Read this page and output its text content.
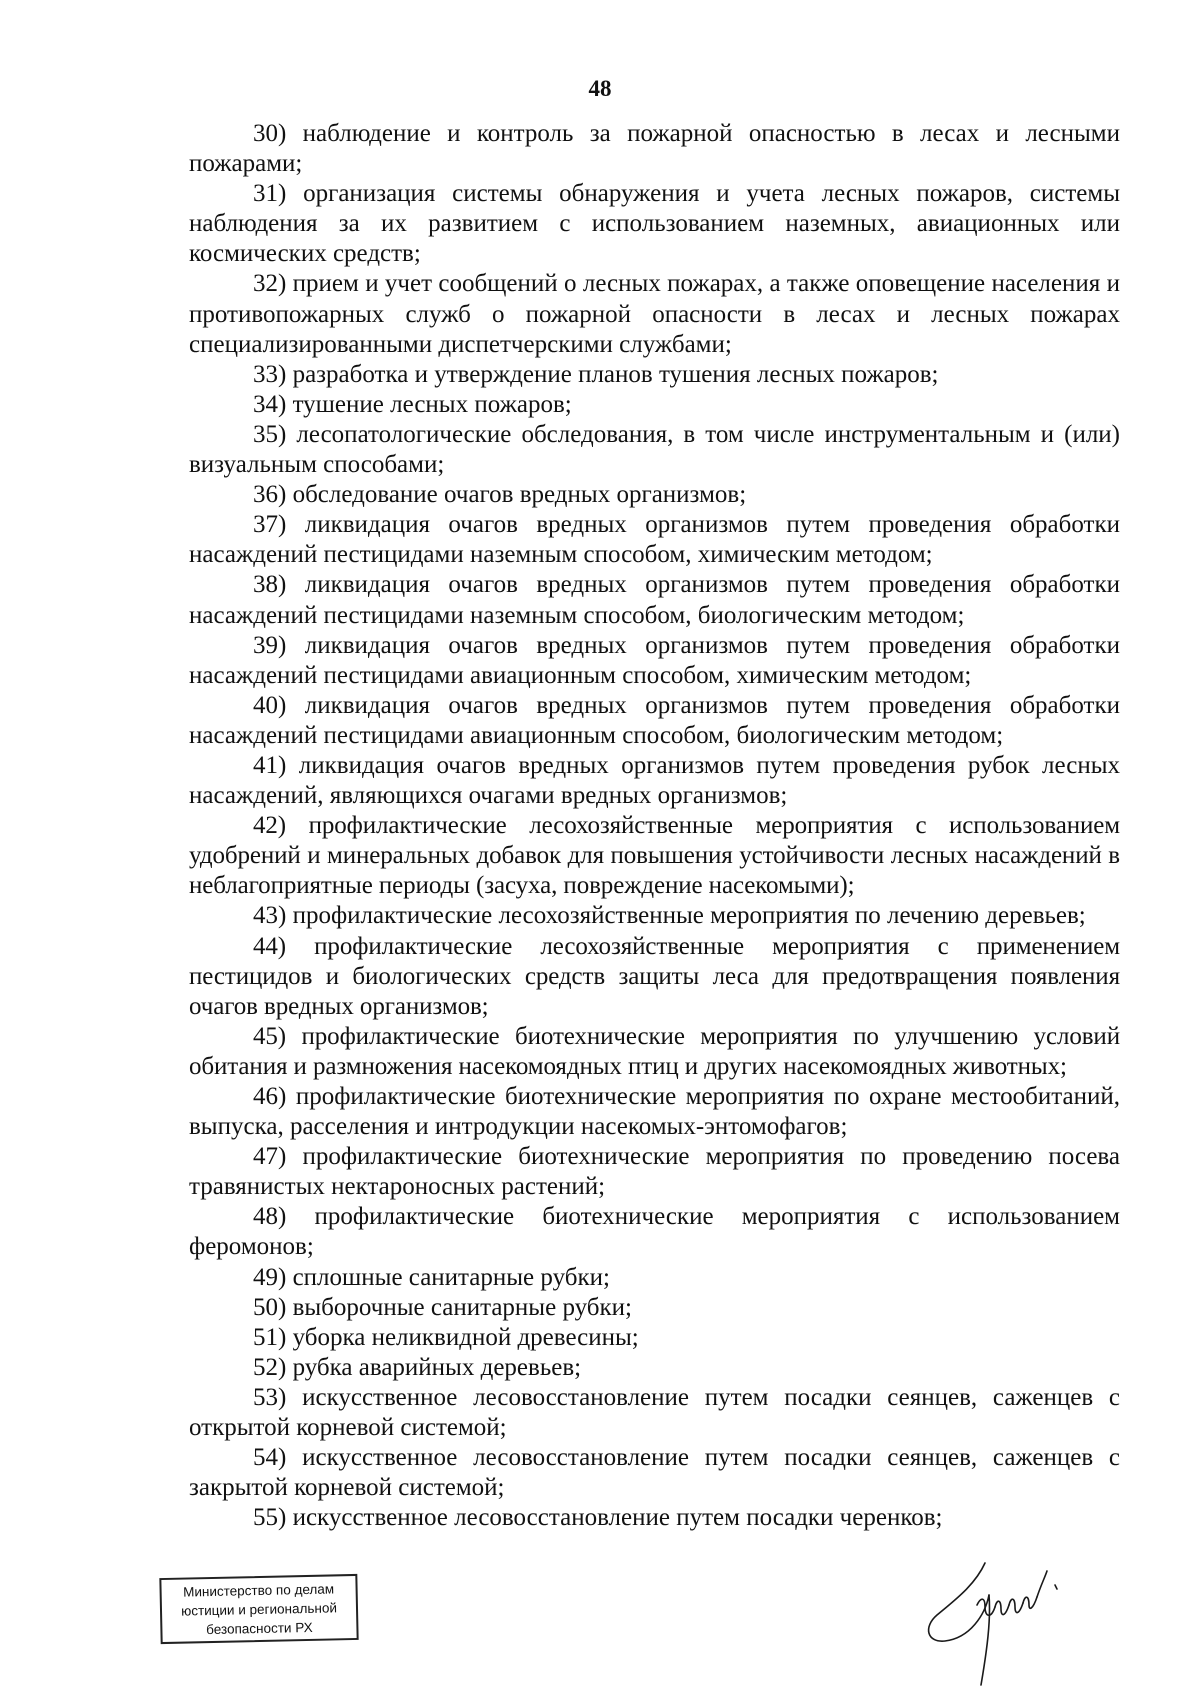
48

30) наблюдение и контроль за пожарной опасностью в лесах и лесными пожарами;

31) организация системы обнаружения и учета лесных пожаров, системы наблюдения за их развитием с использованием наземных, авиационных или космических средств;

32) прием и учет сообщений о лесных пожарах, а также оповещение населения и противопожарных служб о пожарной опасности в лесах и лесных пожарах специализированными диспетчерскими службами;

33) разработка и утверждение планов тушения лесных пожаров;

34) тушение лесных пожаров;

35) лесопатологические обследования, в том числе инструментальным и (или) визуальным способами;

36) обследование очагов вредных организмов;

37) ликвидация очагов вредных организмов путем проведения обработки насаждений пестицидами наземным способом, химическим методом;

38) ликвидация очагов вредных организмов путем проведения обработки насаждений пестицидами наземным способом, биологическим методом;

39) ликвидация очагов вредных организмов путем проведения обработки насаждений пестицидами авиационным способом, химическим методом;

40) ликвидация очагов вредных организмов путем проведения обработки насаждений пестицидами авиационным способом, биологическим методом;

41) ликвидация очагов вредных организмов путем проведения рубок лесных насаждений, являющихся очагами вредных организмов;

42) профилактические лесохозяйственные мероприятия с использованием удобрений и минеральных добавок для повышения устойчивости лесных насаждений в неблагоприятные периоды (засуха, повреждение насекомыми);

43) профилактические лесохозяйственные мероприятия по лечению деревьев;

44) профилактические лесохозяйственные мероприятия с применением пестицидов и биологических средств защиты леса для предотвращения появления очагов вредных организмов;

45) профилактические биотехнические мероприятия по улучшению условий обитания и размножения насекомоядных птиц и других насекомоядных животных;

46) профилактические биотехнические мероприятия по охране местообитаний, выпуска, расселения и интродукции насекомых-энтомофагов;

47) профилактические биотехнические мероприятия по проведению посева травянистых нектароносных растений;

48) профилактические биотехнические мероприятия с использованием феромонов;

49) сплошные санитарные рубки;

50) выборочные санитарные рубки;

51) уборка неликвидной древесины;

52) рубка аварийных деревьев;

53) искусственное лесовосстановление путем посадки сеянцев, саженцев с открытой корневой системой;

54) искусственное лесовосстановление путем посадки сеянцев, саженцев с закрытой корневой системой;

55) искусственное лесовосстановление путем посадки черенков;

Министерство по делам
юстиции и региональной
безопасности РХ
